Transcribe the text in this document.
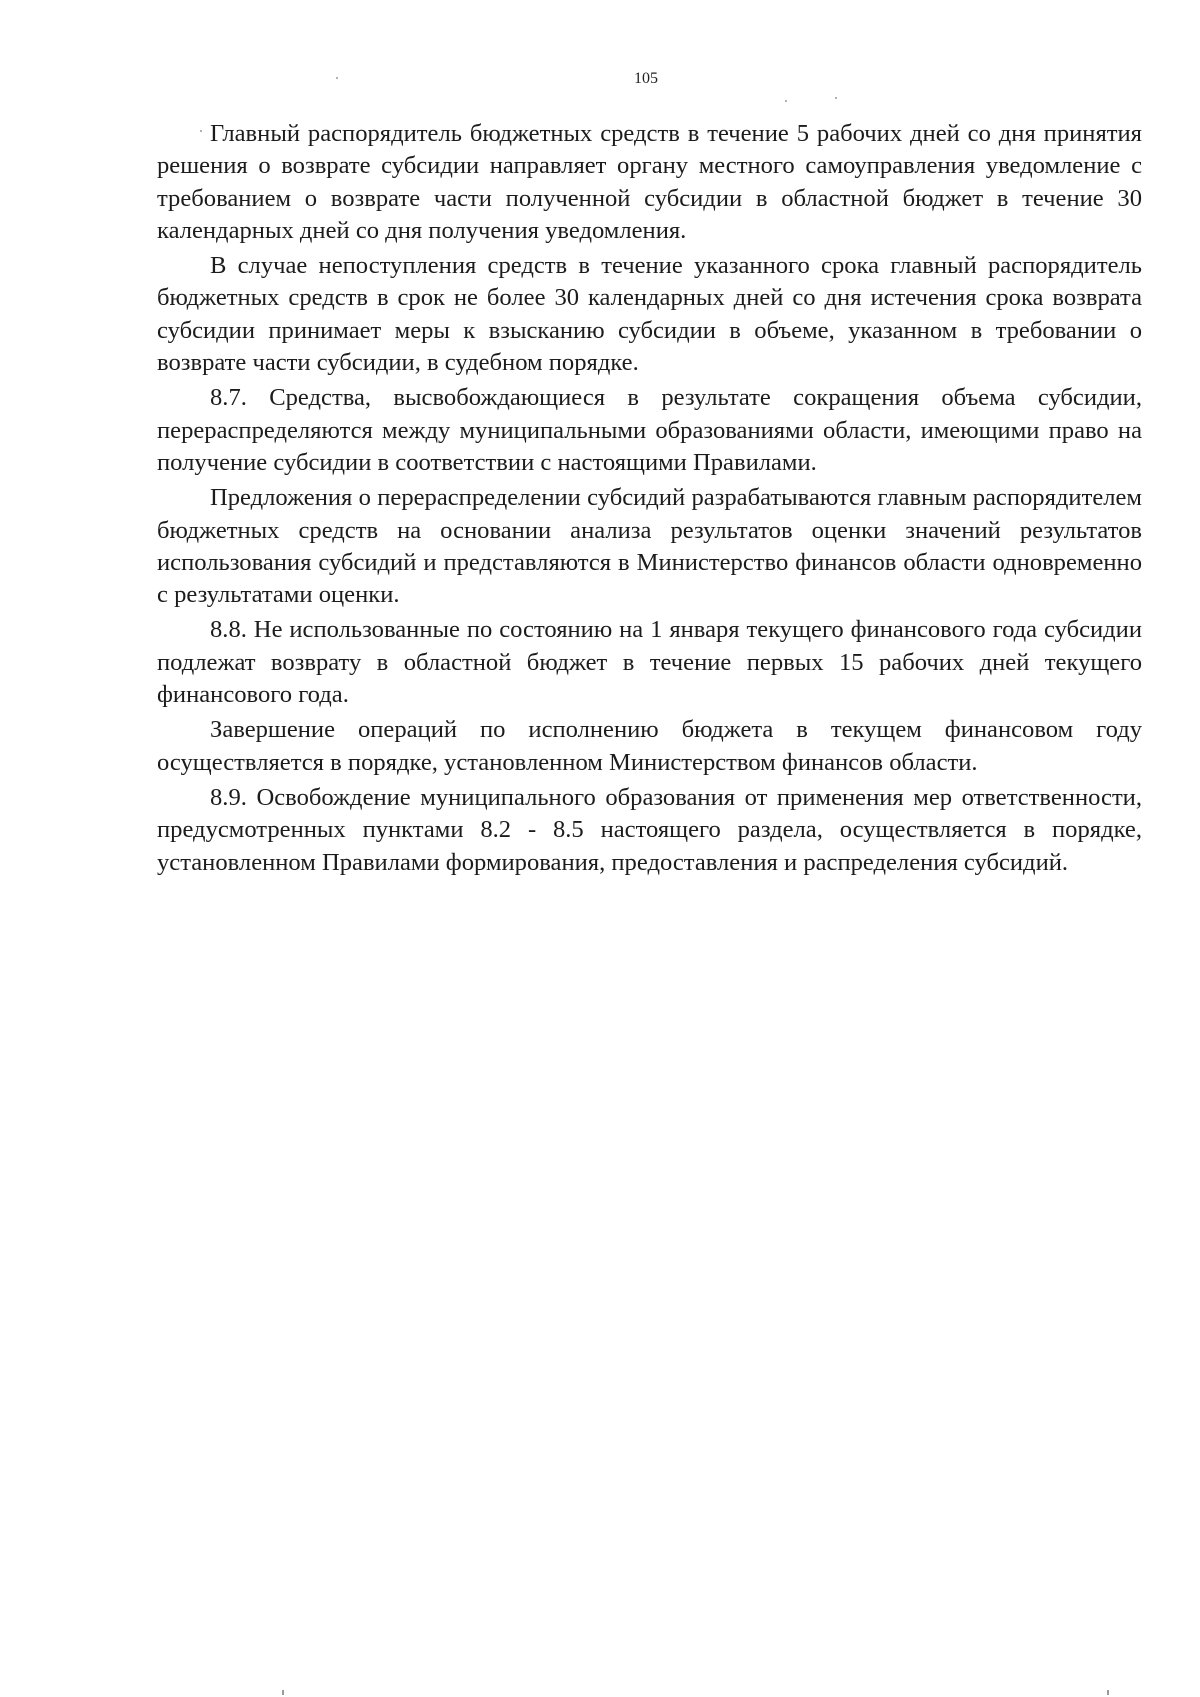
105

Главный распорядитель бюджетных средств в течение 5 рабочих дней со дня принятия решения о возврате субсидии направляет органу местного самоуправления уведомление с требованием о возврате части полученной субсидии в областной бюджет в течение 30 календарных дней со дня получения уведомления.

В случае непоступления средств в течение указанного срока главный распорядитель бюджетных средств в срок не более 30 календарных дней со дня истечения срока возврата субсидии принимает меры к взысканию субсидии в объеме, указанном в требовании о возврате части субсидии, в судебном порядке.

8.7. Средства, высвобождающиеся в результате сокращения объема субсидии, перераспределяются между муниципальными образованиями области, имеющими право на получение субсидии в соответствии с настоящими Правилами.

Предложения о перераспределении субсидий разрабатываются главным распорядителем бюджетных средств на основании анализа результатов оценки значений результатов использования субсидий и представляются в Министерство финансов области одновременно с результатами оценки.

8.8. Не использованные по состоянию на 1 января текущего финансового года субсидии подлежат возврату в областной бюджет в течение первых 15 рабочих дней текущего финансового года.

Завершение операций по исполнению бюджета в текущем финансовом году осуществляется в порядке, установленном Министерством финансов области.

8.9. Освобождение муниципального образования от применения мер ответственности, предусмотренных пунктами 8.2 - 8.5 настоящего раздела, осуществляется в порядке, установленном Правилами формирования, предоставления и распределения субсидий.
